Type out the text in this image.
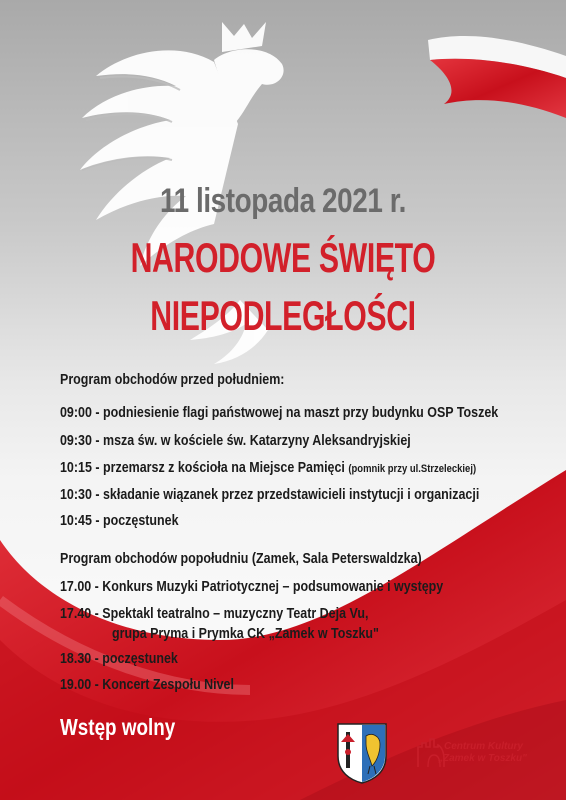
11 listopada 2021 r.
NARODOWE ŚWIĘTO
NIEPODLEGŁOŚCI
Program obchodów przed południem:
09:00 - podniesienie flagi państwowej na maszt przy budynku OSP Toszek
09:30 - msza św. w kościele św. Katarzyny Aleksandryjskiej
10:15 - przemarsz z kościoła na Miejsce Pamięci (pomnik przy ul.Strzeleckiej)
10:30 - składanie wiązanek przez przedstawicieli instytucji i organizacji
10:45 - poczęstunek
Program obchodów popołudniu (Zamek, Sala Peterswaldzka)
17.00 - Konkurs Muzyki Patriotycznej – podsumowanie i występy
17.40 - Spektakl teatralno – muzyczny Teatr Deja Vu,
grupa Pryma i Prymka CK „Zamek w Toszku"
18.30 - poczęstunek
19.00 - Koncert Zespołu Nivel
Wstęp wolny
Centrum Kultury
„Zamek w Toszku"
